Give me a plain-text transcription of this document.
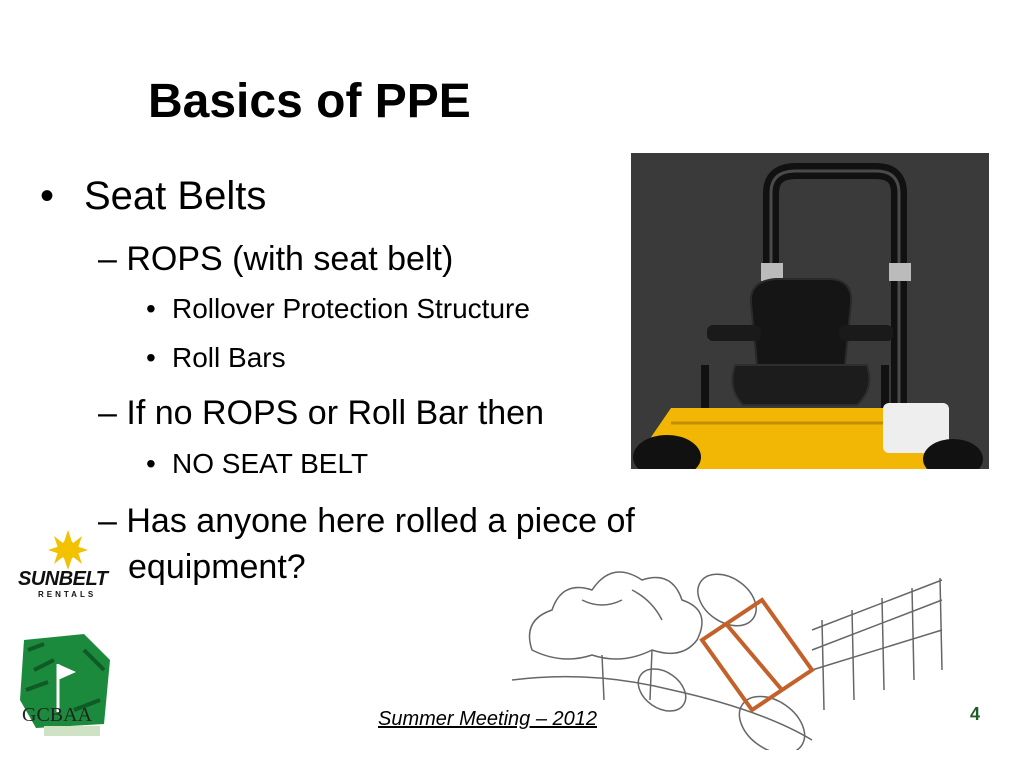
Basics of PPE
• Seat Belts
– ROPS (with seat belt)
• Rollover Protection Structure
• Roll Bars
– If no ROPS or Roll Bar then
• NO SEAT BELT
– Has anyone here rolled a piece of
equipment?
SUNBELT
RENTALS
GCBAA	Summer Meeting – 2012	4
